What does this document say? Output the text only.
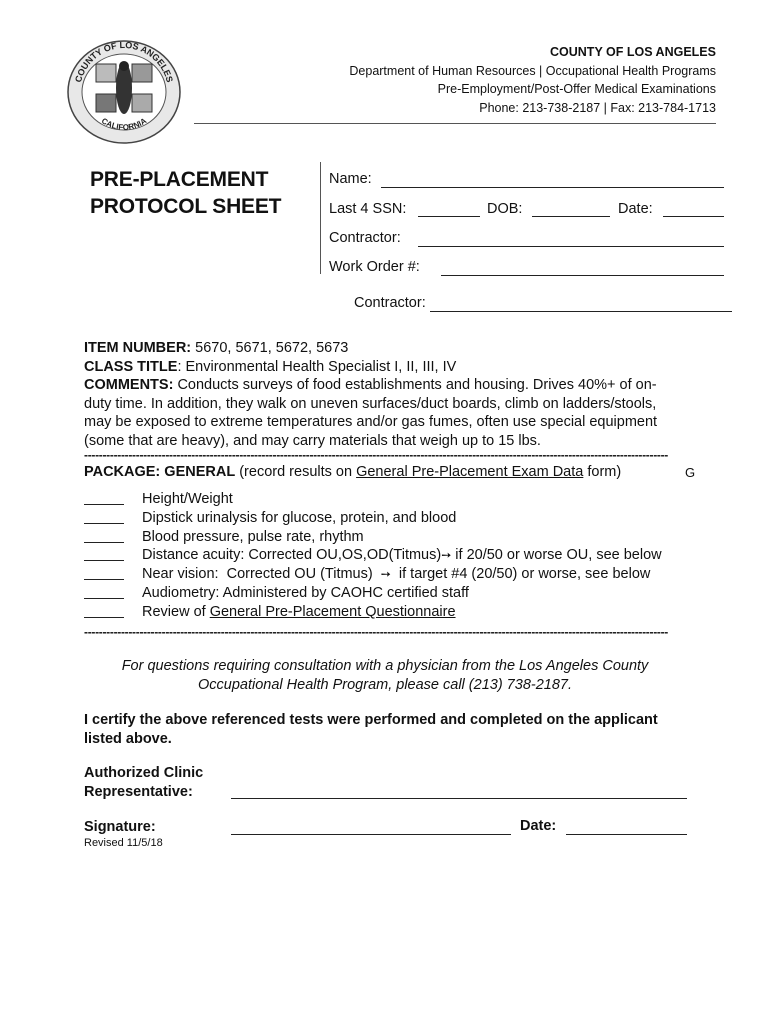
COUNTY OF LOS ANGELES
CALIFORNIA
COUNTY OF LOS ANGELES
Department of Human Resources | Occupational Health Programs
Pre-Employment/Post-Offer Medical Examinations
Phone: 213-738-2187 | Fax: 213-784-1713
PRE-PLACEMENT
PROTOCOL SHEET
Name:
Last 4 SSN:	DOB:	Date:
Contractor:
Work Order #:
Contractor:
ITEM NUMBER: 5670, 5671, 5672, 5673
CLASS TITLE: Environmental Health Specialist I, II, III, IV
COMMENTS: Conducts surveys of food establishments and housing. Drives 40%+ of on-
duty time. In addition, they walk on uneven surfaces/duct boards, climb on ladders/stools,
may be exposed to extreme temperatures and/or gas fumes, often use special equipment
(some that are heavy), and may carry materials that weigh up to 15 lbs.
--------------------------------------------------------------------------------------------------------------------------------------------------------------
PACKAGE: GENERAL (record results on General Pre-Placement Exam Data form)	G
Height/Weight
Dipstick urinalysis for glucose, protein, and blood
Blood pressure, pulse rate, rhythm
Distance acuity: Corrected OU,OS,OD(Titmus)➙ if 20/50 or worse OU, see below
Near vision:  Corrected OU (Titmus)  ➙  if target #4 (20/50) or worse, see below
Audiometry: Administered by CAOHC certified staff
Review of General Pre-Placement Questionnaire
--------------------------------------------------------------------------------------------------------------------------------------------------------------
For questions requiring consultation with a physician from the Los Angeles County
Occupational Health Program, please call (213) 738-2187.
I certify the above referenced tests were performed and completed on the applicant
listed above.
Authorized Clinic
Representative:
Signature:	Date:
Revised 11/5/18
